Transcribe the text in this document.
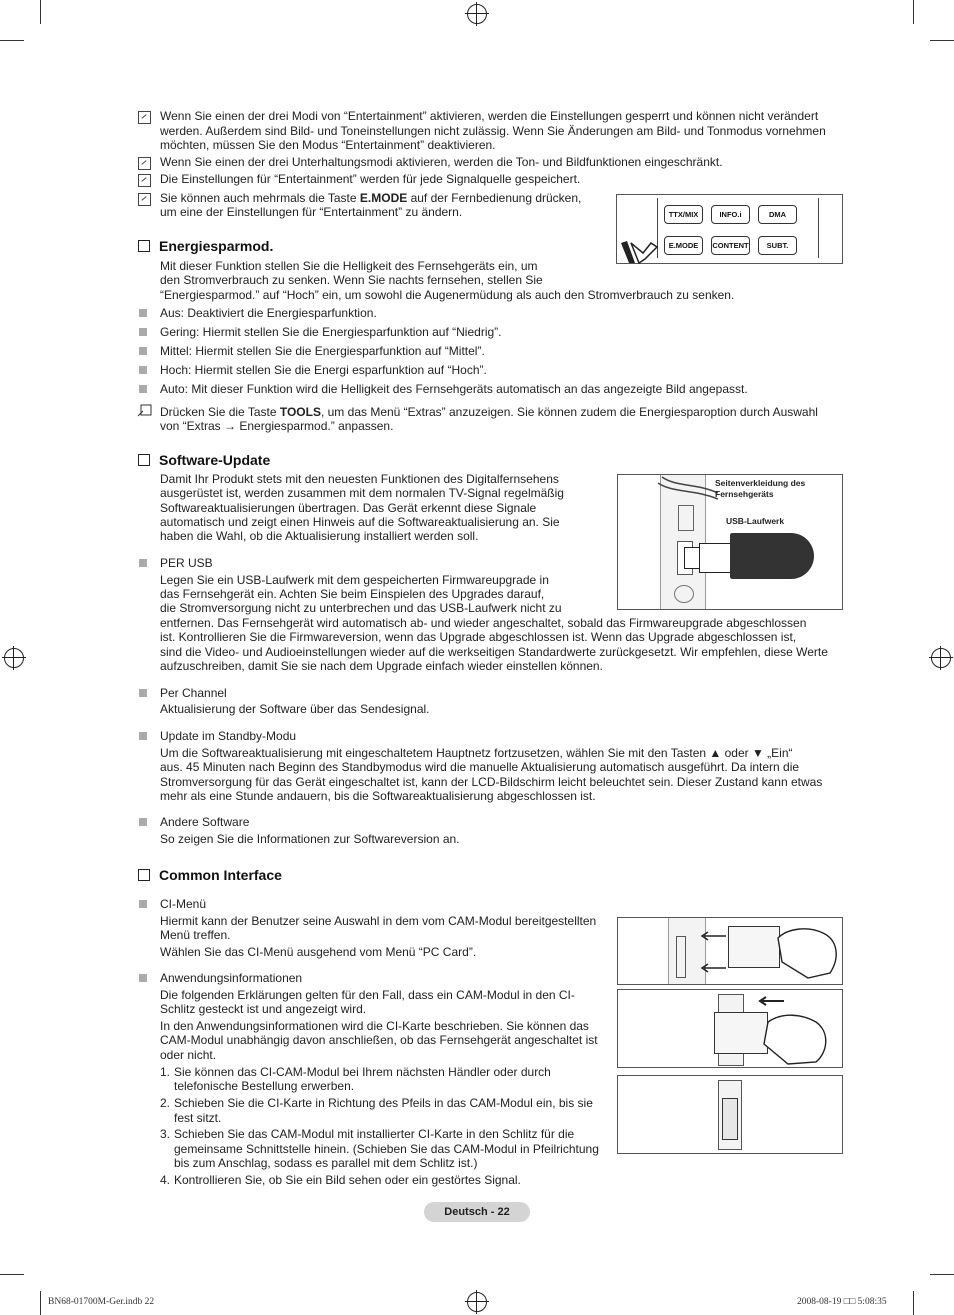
Wenn Sie einen der drei Modi von “Entertainment” aktivieren, werden die Einstellungen gesperrt und können nicht verändert
werden. Außerdem sind Bild- und Toneinstellungen nicht zulässig. Wenn Sie Änderungen am Bild- und Tonmodus vornehmen
möchten, müssen Sie den Modus “Entertainment” deaktivieren.
Wenn Sie einen der drei Unterhaltungsmodi aktivieren, werden die Ton- und Bildfunktionen eingeschränkt.
Die Einstellungen für “Entertainment” werden für jede Signalquelle gespeichert.
Sie können auch mehrmals die Taste E.MODE auf der Fernbedienung drücken,
um eine der Einstellungen für “Entertainment” zu ändern.	TTX/MIX	INFO.i	DMA
E.MODE	CONTENT	SUBT.
Energiesparmod.
Mit dieser Funktion stellen Sie die Helligkeit des Fernsehgeräts ein, um
den Stromverbrauch zu senken. Wenn Sie nachts fernsehen, stellen Sie
“Energiesparmod.” auf “Hoch” ein, um sowohl die Augenermüdung als auch den Stromverbrauch zu senken.
Aus: Deaktiviert die Energiesparfunktion.
Gering: Hiermit stellen Sie die Energiesparfunktion auf “Niedrig”.
Mittel: Hiermit stellen Sie die Energiesparfunktion auf “Mittel”.
Hoch: Hiermit stellen Sie die Energi esparfunktion auf “Hoch”.
Auto: Mit dieser Funktion wird die Helligkeit des Fernsehgeräts automatisch an das angezeigte Bild angepasst.
Drücken Sie die Taste TOOLS, um das Menü “Extras” anzuzeigen. Sie können zudem die Energiesparoption durch Auswahl
von “Extras → Energiesparmod.” anpassen.
Software-Update
Damit Ihr Produkt stets mit den neuesten Funktionen des Digitalfernsehens
ausgerüstet ist, werden zusammen mit dem normalen TV-Signal regelmäßig
Softwareaktualisierungen übertragen. Das Gerät erkennt diese Signale
automatisch und zeigt einen Hinweis auf die Softwareaktualisierung an. Sie
haben die Wahl, ob die Aktualisierung installiert werden soll.
Seitenverkleidung des
Fernsehgeräts
USB-Laufwerk
PER USB
Legen Sie ein USB-Laufwerk mit dem gespeicherten Firmwareupgrade in
das Fernsehgerät ein. Achten Sie beim Einspielen des Upgrades darauf,
die Stromversorgung nicht zu unterbrechen und das USB-Laufwerk nicht zu
entfernen. Das Fernsehgerät wird automatisch ab- und wieder angeschaltet, sobald das Firmwareupgrade abgeschlossen
ist. Kontrollieren Sie die Firmwareversion, wenn das Upgrade abgeschlossen ist. Wenn das Upgrade abgeschlossen ist,
sind die Video- und Audioeinstellungen wieder auf die werkseitigen Standardwerte zurückgesetzt. Wir empfehlen, diese Werte
aufzuschreiben, damit Sie sie nach dem Upgrade einfach wieder einstellen können.
Per Channel
Aktualisierung der Software über das Sendesignal.
Update im Standby-Modu
Um die Softwareaktualisierung mit eingeschaltetem Hauptnetz fortzusetzen, wählen Sie mit den Tasten ▲ oder ▼ „Ein“
aus. 45 Minuten nach Beginn des Standbymodus wird die manuelle Aktualisierung automatisch ausgeführt. Da intern die
Stromversorgung für das Gerät eingeschaltet ist, kann der LCD-Bildschirm leicht beleuchtet sein. Dieser Zustand kann etwas
mehr als eine Stunde andauern, bis die Softwareaktualisierung abgeschlossen ist.
Andere Software
So zeigen Sie die Informationen zur Softwareversion an.
Common Interface
CI-Menü
Hiermit kann der Benutzer seine Auswahl in dem vom CAM-Modul bereitgestellten
Menü treffen.
Wählen Sie das CI-Menü ausgehend vom Menü “PC Card”.
Anwendungsinformationen
Die folgenden Erklärungen gelten für den Fall, dass ein CAM-Modul in den CI-
Schlitz gesteckt ist und angezeigt wird.
In den Anwendungsinformationen wird die CI-Karte beschrieben. Sie können das
CAM-Modul unabhängig davon anschließen, ob das Fernsehgerät angeschaltet ist
oder nicht.
1. Sie können das CI-CAM-Modul bei Ihrem nächsten Händler oder durch
telefonische Bestellung erwerben.
2. Schieben Sie die CI-Karte in Richtung des Pfeils in das CAM-Modul ein, bis sie
fest sitzt.
3. Schieben Sie das CAM-Modul mit installierter CI-Karte in den Schlitz für die
gemeinsame Schnittstelle hinein. (Schieben Sie das CAM-Modul in Pfeilrichtung
bis zum Anschlag, sodass es parallel mit dem Schlitz ist.)
4. Kontrollieren Sie, ob Sie ein Bild sehen oder ein gestörtes Signal.
Deutsch - 22
BN68-01700M-Ger.indb 22	2008-08-19 □□ 5:08:35
